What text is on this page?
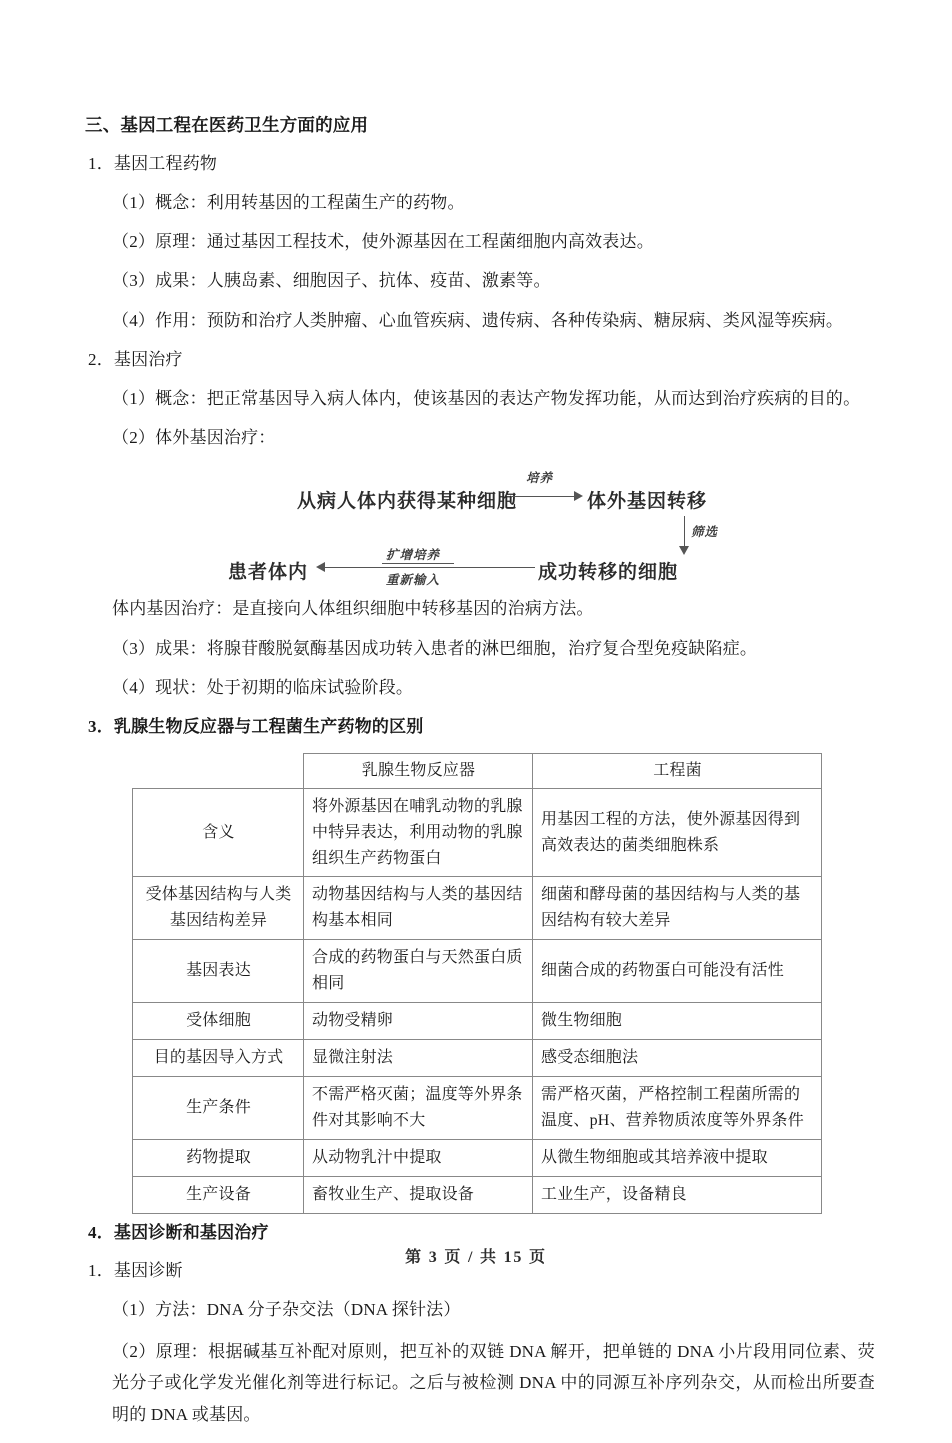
三、基因工程在医药卫生方面的应用
1．基因工程药物
（1）概念：利用转基因的工程菌生产的药物。
（2）原理：通过基因工程技术，使外源基因在工程菌细胞内高效表达。
（3）成果：人胰岛素、细胞因子、抗体、疫苗、激素等。
（4）作用：预防和治疗人类肿瘤、心血管疾病、遗传病、各种传染病、糖尿病、类风湿等疾病。
2．基因治疗
（1）概念：把正常基因导入病人体内，使该基因的表达产物发挥功能，从而达到治疗疾病的目的。
（2）体外基因治疗：
从病人体内获得某种细胞
培养
体外基因转移
筛选
成功转移的细胞
扩增培养
重新输入
患者体内
体内基因治疗：是直接向人体组织细胞中转移基因的治病方法。
（3）成果：将腺苷酸脱氨酶基因成功转入患者的淋巴细胞，治疗复合型免疫缺陷症。
（4）现状：处于初期的临床试验阶段。
3．乳腺生物反应器与工程菌生产药物的区别
	乳腺生物反应器	工程菌
含义	将外源基因在哺乳动物的乳腺中特异表达，利用动物的乳腺组织生产药物蛋白	用基因工程的方法，使外源基因得到高效表达的菌类细胞株系
受体基因结构与人类基因结构差异	动物基因结构与人类的基因结构基本相同	细菌和酵母菌的基因结构与人类的基因结构有较大差异
基因表达	合成的药物蛋白与天然蛋白质相同	细菌合成的药物蛋白可能没有活性
受体细胞	动物受精卵	微生物细胞
目的基因导入方式	显微注射法	感受态细胞法
生产条件	不需严格灭菌；温度等外界条件对其影响不大	需严格灭菌，严格控制工程菌所需的温度、pH、营养物质浓度等外界条件
药物提取	从动物乳汁中提取	从微生物细胞或其培养液中提取
生产设备	畜牧业生产、提取设备	工业生产，设备精良
4．基因诊断和基因治疗
1．基因诊断
（1）方法：DNA 分子杂交法（DNA 探针法）
（2）原理：根据碱基互补配对原则，把互补的双链 DNA 解开，把单链的 DNA 小片段用同位素、荧光分子或化学发光催化剂等进行标记。之后与被检测 DNA 中的同源互补序列杂交，从而检出所要查明的 DNA 或基因。
第 3 页 / 共 15 页
